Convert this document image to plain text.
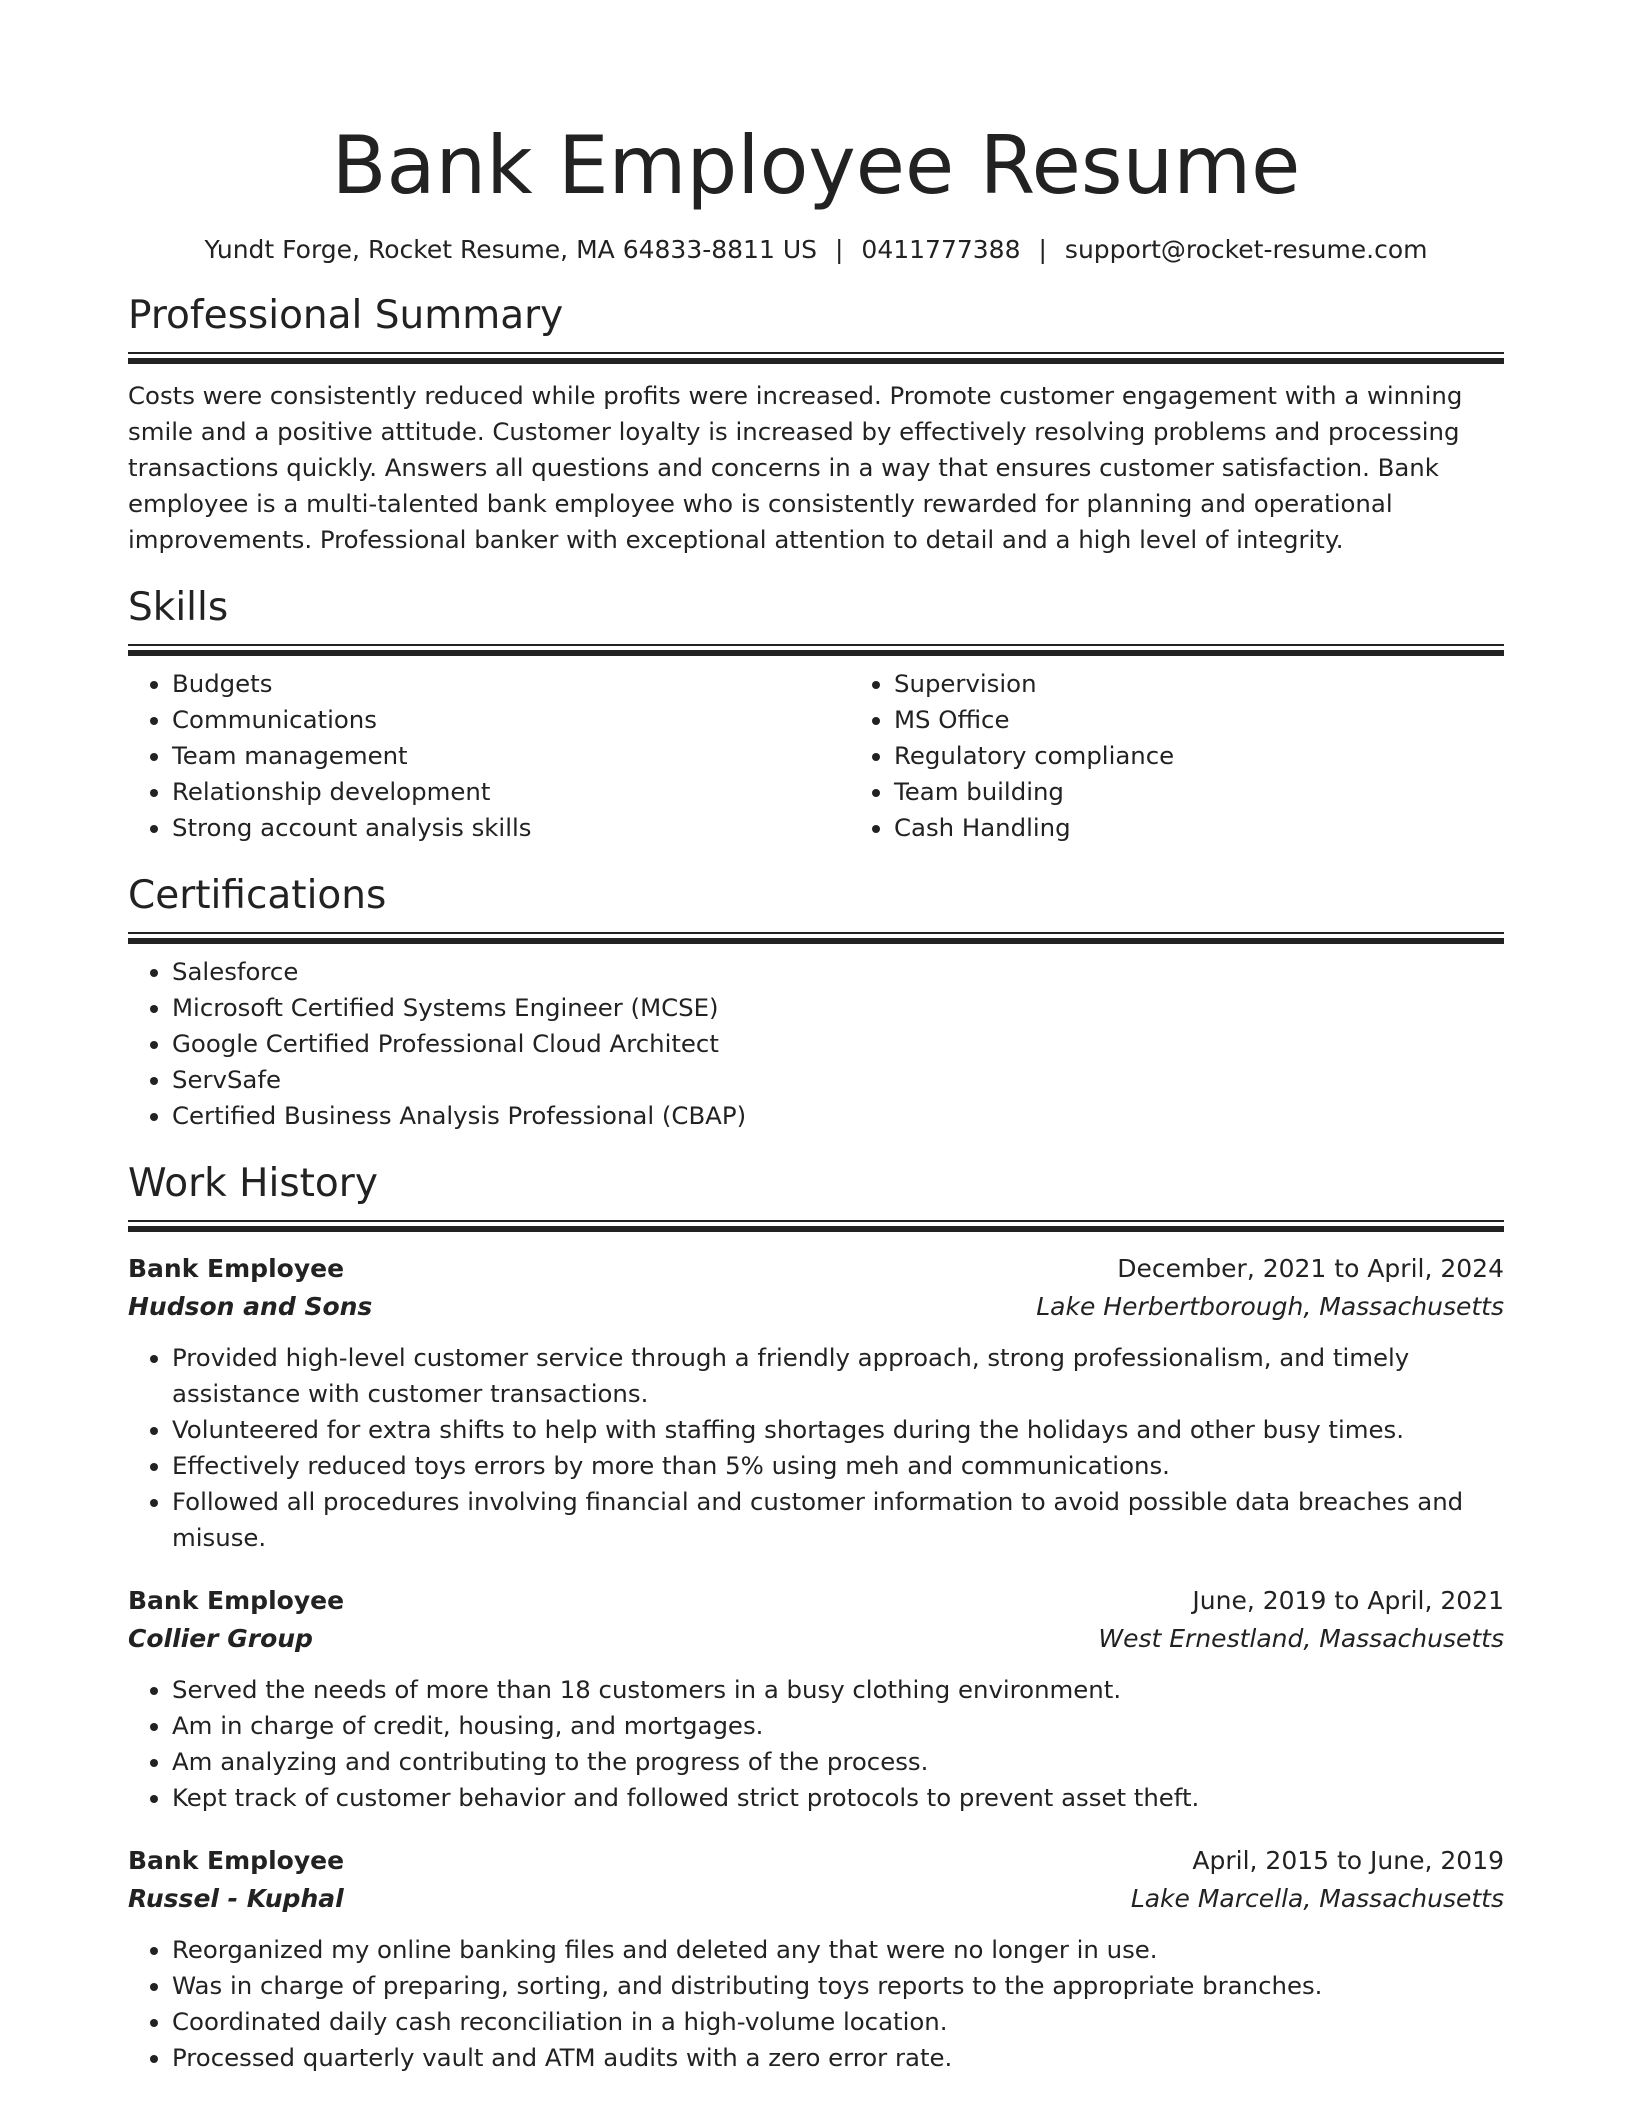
Bank Employee Resume
Yundt Forge, Rocket Resume, MA 64833-8811 US | 0411777388 | support@rocket-resume.com
Professional Summary

Costs were consistently reduced while profits were increased. Promote customer engagement with a winning smile and a positive attitude. Customer loyalty is increased by effectively resolving problems and processing transactions quickly. Answers all questions and concerns in a way that ensures customer satisfaction. Bank employee is a multi-talented bank employee who is consistently rewarded for planning and operational improvements. Professional banker with exceptional attention to detail and a high level of integrity.

Skills
• Budgets
• Communications
• Team management
• Relationship development
• Strong account analysis skills
• Supervision
• MS Office
• Regulatory compliance
• Team building
• Cash Handling
Certifications
• Salesforce
• Microsoft Certified Systems Engineer (MCSE)
• Google Certified Professional Cloud Architect
• ServSafe
• Certified Business Analysis Professional (CBAP)
Work History
Bank Employee	December, 2021 to April, 2024
Hudson and Sons	Lake Herbertborough, Massachusetts
• Provided high-level customer service through a friendly approach, strong professionalism, and timely assistance with customer transactions.
• Volunteered for extra shifts to help with staffing shortages during the holidays and other busy times.
• Effectively reduced toys errors by more than 5% using meh and communications.
• Followed all procedures involving financial and customer information to avoid possible data breaches and misuse.
Bank Employee	June, 2019 to April, 2021
Collier Group	West Ernestland, Massachusetts
• Served the needs of more than 18 customers in a busy clothing environment.
• Am in charge of credit, housing, and mortgages.
• Am analyzing and contributing to the progress of the process.
• Kept track of customer behavior and followed strict protocols to prevent asset theft.
Bank Employee	April, 2015 to June, 2019
Russel - Kuphal	Lake Marcella, Massachusetts
• Reorganized my online banking files and deleted any that were no longer in use.
• Was in charge of preparing, sorting, and distributing toys reports to the appropriate branches.
• Coordinated daily cash reconciliation in a high-volume location.
• Processed quarterly vault and ATM audits with a zero error rate.
